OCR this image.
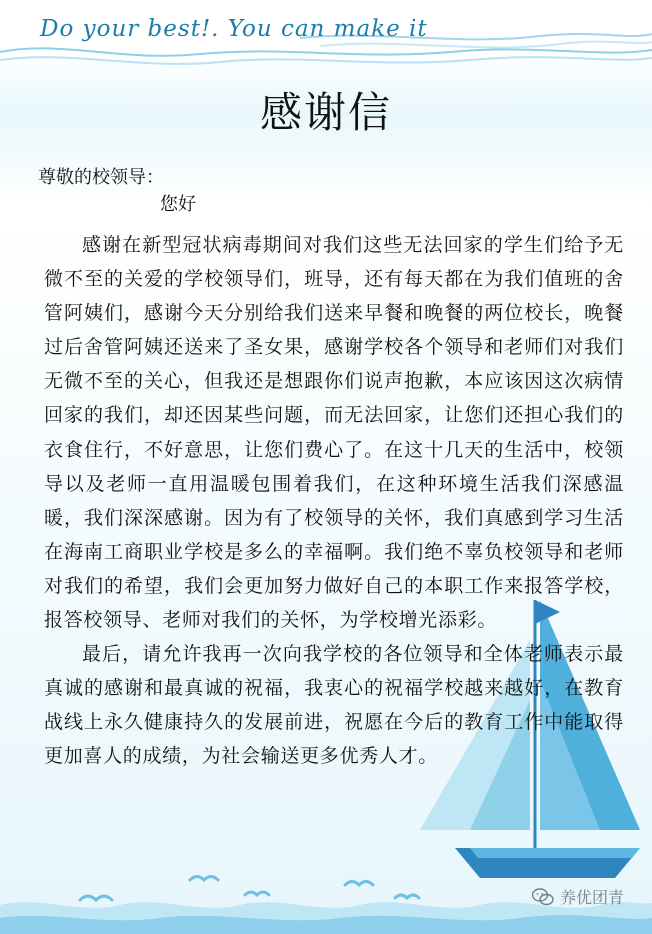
Do your best!. You can make it
感谢信
尊敬的校领导：
您好

感谢在新型冠状病毒期间对我们这些无法回家的学生们给予无微不至的关爱的学校领导们，班导，还有每天都在为我们值班的舍管阿姨们，感谢今天分别给我们送来早餐和晚餐的两位校长，晚餐过后舍管阿姨还送来了圣女果，感谢学校各个领导和老师们对我们无微不至的关心，但我还是想跟你们说声抱歉，本应该因这次病情回家的我们，却还因某些问题，而无法回家，让您们还担心我们的衣食住行，不好意思，让您们费心了。在这十几天的生活中，校领导以及老师一直用温暖包围着我们，在这种环境生活我们深感温暖，我们深深感谢。因为有了校领导的关怀，我们真感到学习生活在海南工商职业学校是多么的幸福啊。我们绝不辜负校领导和老师对我们的希望，我们会更加努力做好自己的本职工作来报答学校，报答校领导、老师对我们的关怀，为学校增光添彩。

最后，请允许我再一次向我学校的各位领导和全体老师表示最真诚的感谢和最真诚的祝福，我衷心的祝福学校越来越好，在教育战线上永久健康持久的发展前进，祝愿在今后的教育工作中能取得更加喜人的成绩，为社会输送更多优秀人才。

养优团青
